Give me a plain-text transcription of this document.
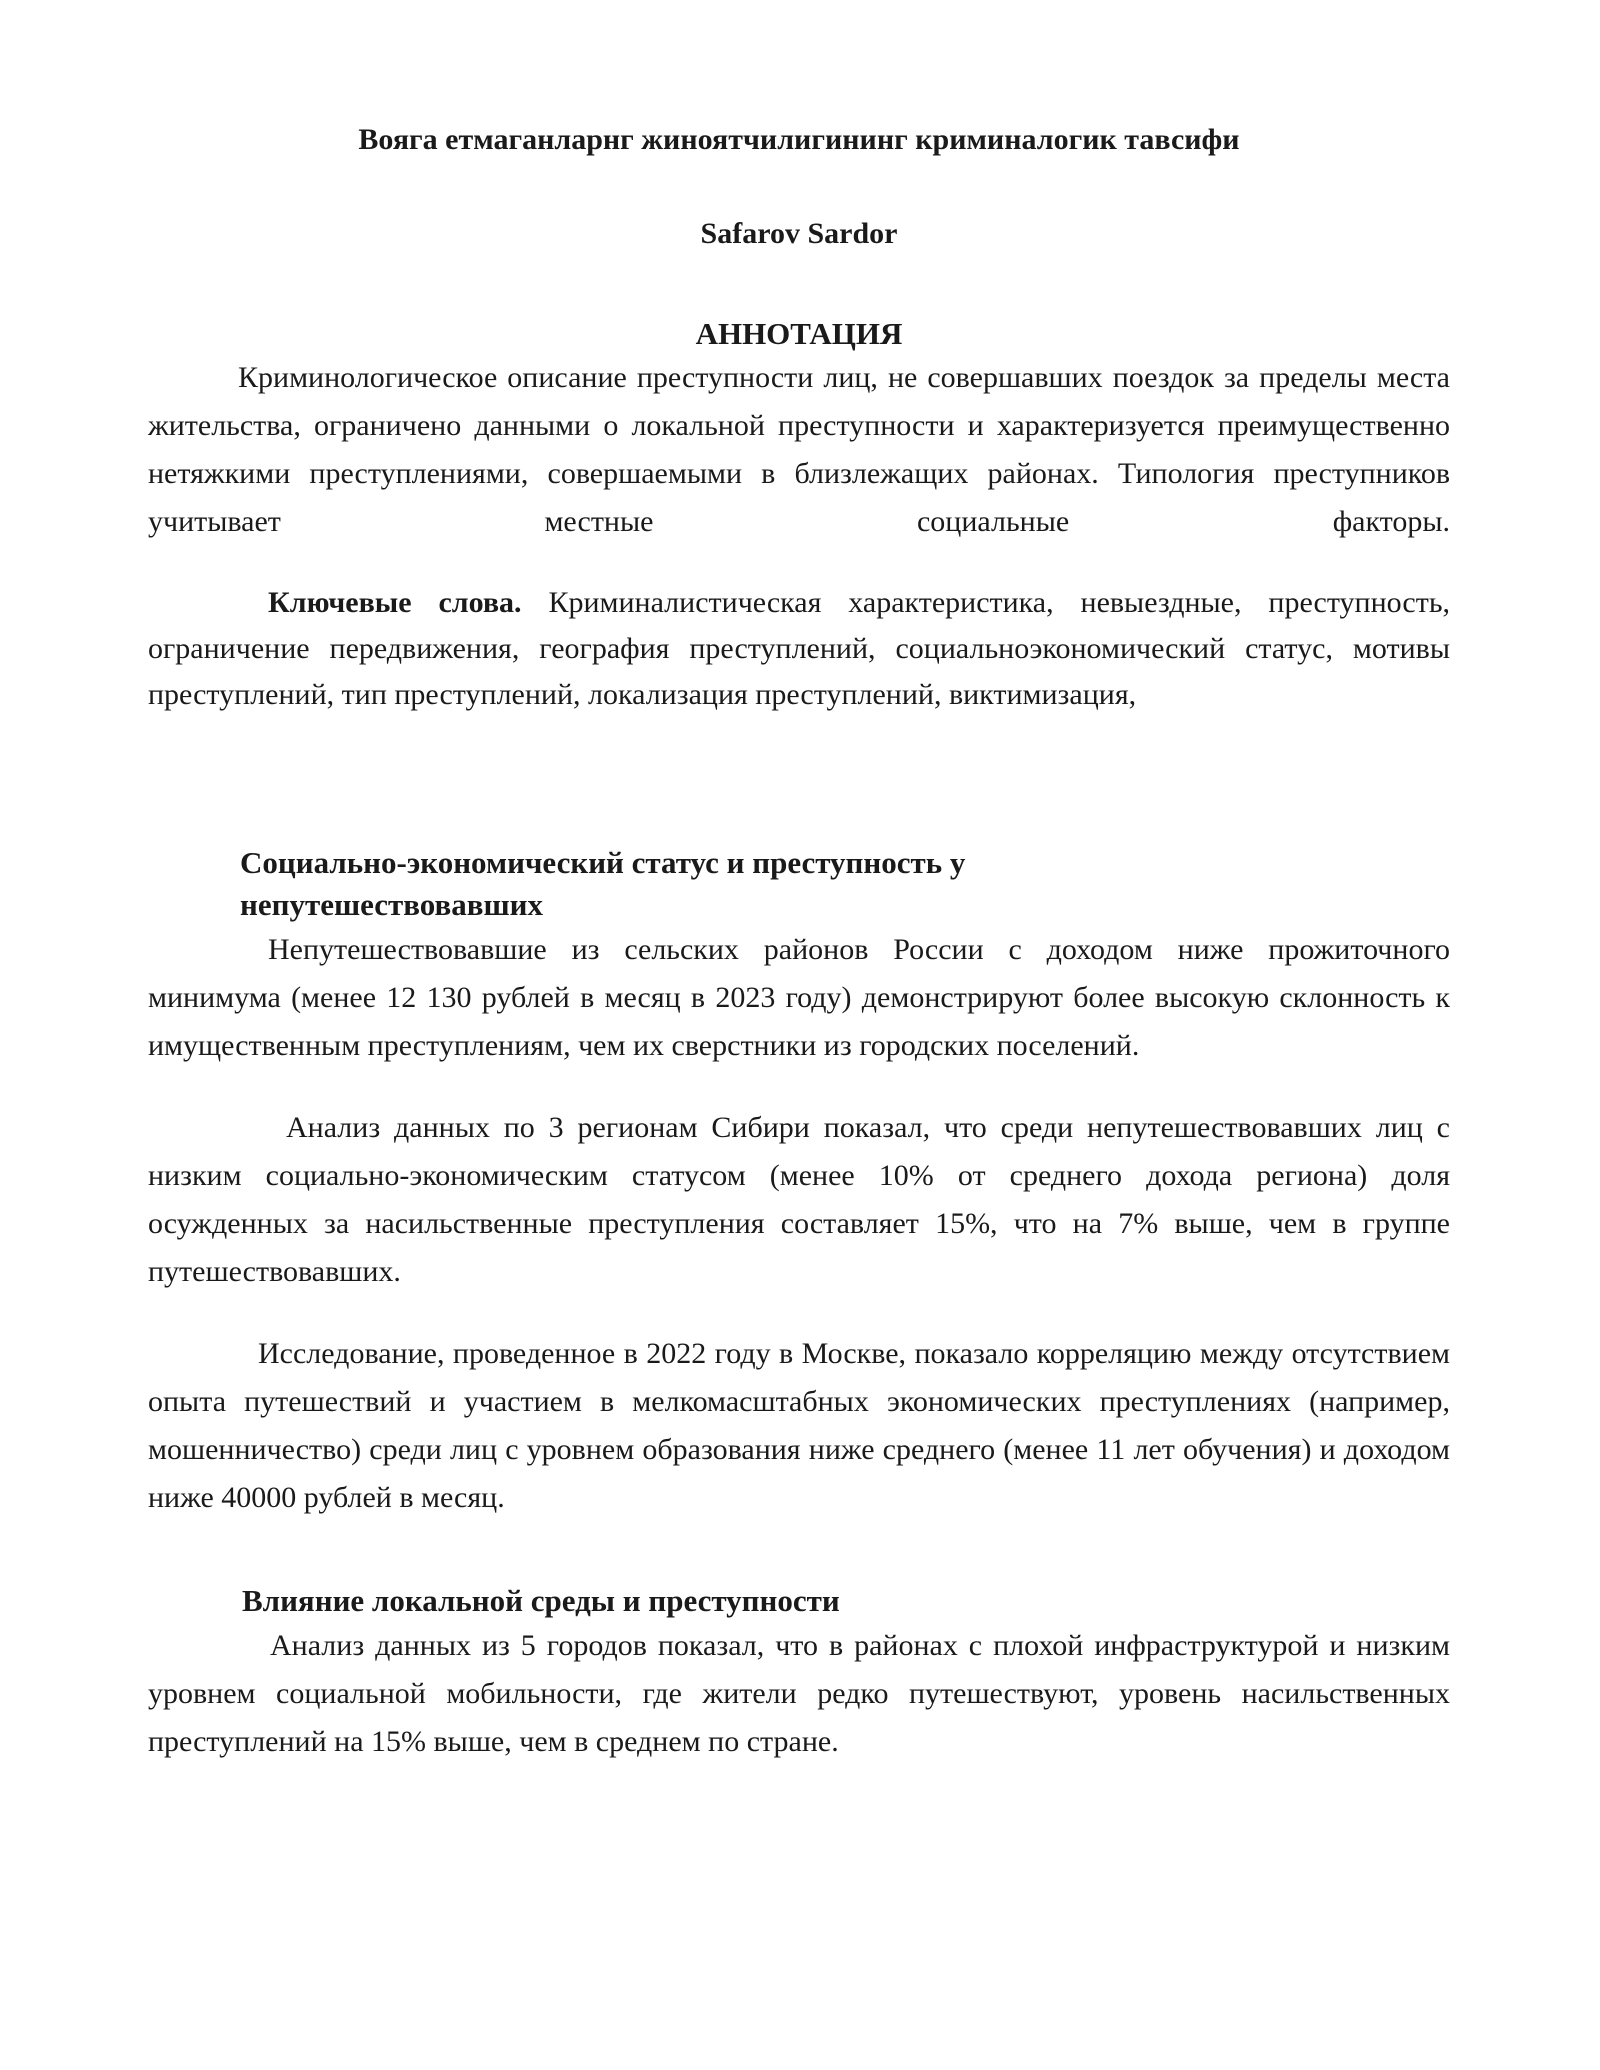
Вояга етмаганларнг жиноятчилигининг криминалогик тавсифи
Safarov Sardor
АННОТАЦИЯ

Криминологическое описание преступности лиц, не совершавших поездок за пределы места жительства, ограничено данными о локальной преступности и характеризуется преимущественно нетяжкими преступлениями, совершаемыми в близлежащих районах. Типология преступников учитывает местные социальные факторы.

Ключевые слова. Криминалистическая характеристика, невыездные, преступность, ограничение передвижения, география преступлений, социальноэкономический статус, мотивы преступлений, тип преступлений, локализация преступлений, виктимизация,

Социально-экономический статус и преступность у непутешествовавших

Непутешествовавшие из сельских районов России с доходом ниже прожиточного минимума (менее 12 130 рублей в месяц в 2023 году) демонстрируют более высокую склонность к имущественным преступлениям, чем их сверстники из городских поселений.

Анализ данных по 3 регионам Сибири показал, что среди непутешествовавших лиц с низким социально-экономическим статусом (менее 10% от среднего дохода региона) доля осужденных за насильственные преступления составляет 15%, что на 7% выше, чем в группе путешествовавших.

Исследование, проведенное в 2022 году в Москве, показало корреляцию между отсутствием опыта путешествий и участием в мелкомасштабных экономических преступлениях (например, мошенничество) среди лиц с уровнем образования ниже среднего (менее 11 лет обучения) и доходом ниже 40000 рублей в месяц.

Влияние локальной среды и преступности

Анализ данных из 5 городов показал, что в районах с плохой инфраструктурой и низким уровнем социальной мобильности, где жители редко путешествуют, уровень насильственных преступлений на 15% выше, чем в среднем по стране.
